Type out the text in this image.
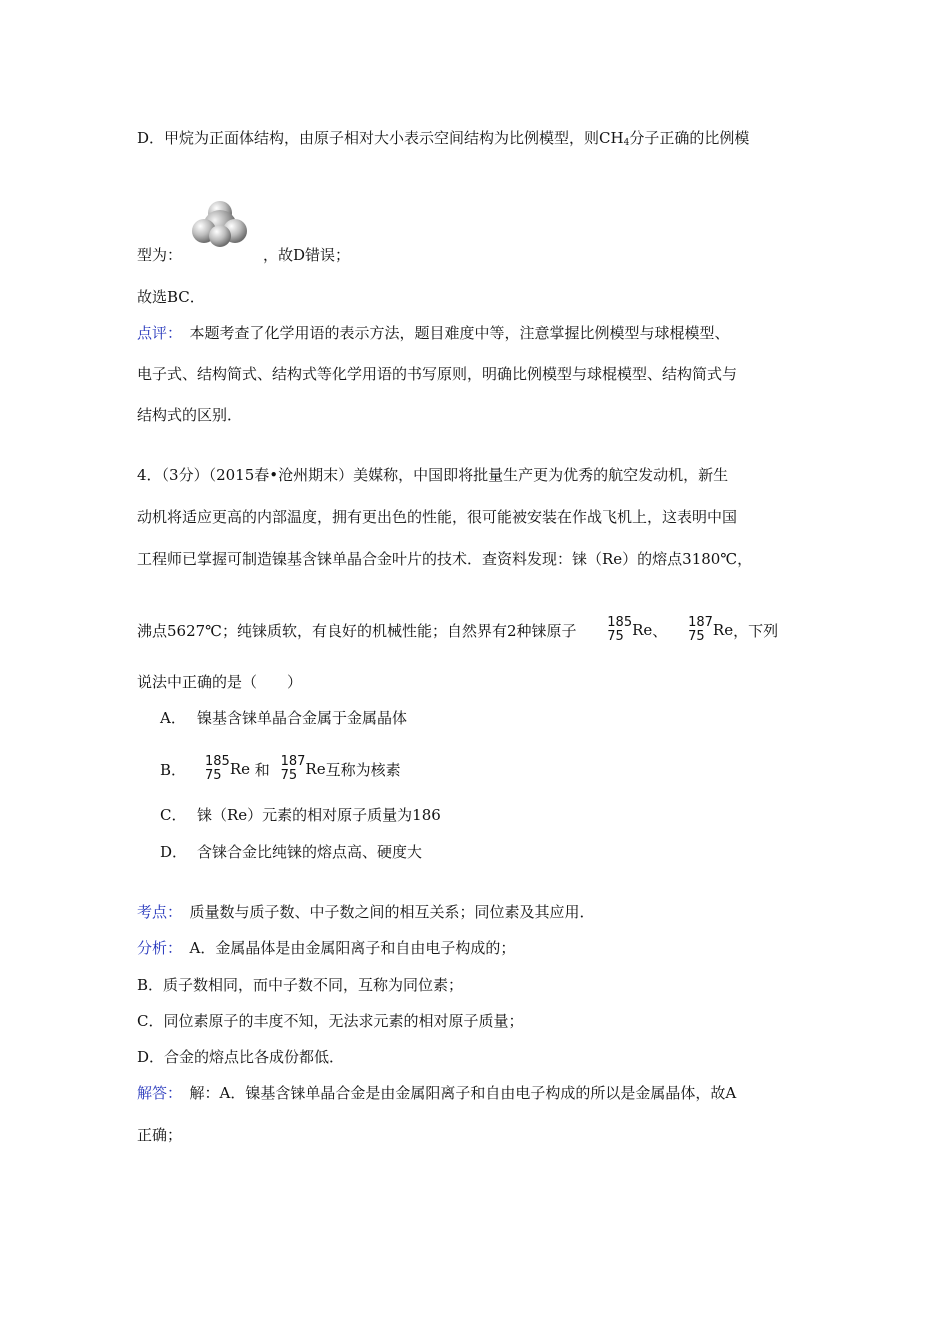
D．甲烷为正面体结构，由原子相对大小表示空间结构为比例模型，则$CH_4$分子正确的比例模
型为：	，故D错误；
故选BC．
点评：　 本题考查了化学用语的表示方法，题目难度中等，注意掌握比例模型与球棍模型、
电子式、结构简式、结构式等化学用语的书写原则，明确比例模型与球棍模型、结构简式与
结构式的区别．
4．（3分）（2015春•沧州期末）美媒称，中国即将批量生产更为优秀的航空发动机，新生
动机将适应更高的内部温度，拥有更出色的性能，很可能被安装在作战飞机上，这表明中国
工程师已掌握可制造镍基含铼单晶合金叶片的技术．查资料发现：铼（Re）的熔点3180℃，
沸点5627℃；纯铼质软，有良好的机械性能；自然界有2种铼原子 185
75 Re、 187
75 Re，下列
说法中正确的是（　　）
A． 镍基含铼单晶合金属于金属晶体
B． 185
75 Re 和 187
75 Re互称为核素
C． 铼（Re）元素的相对原子质量为186
D． 含铼合金比纯铼的熔点高、硬度大
考点：　 质量数与质子数、中子数之间的相互关系；同位素及其应用．
分析：　 A．金属晶体是由金属阳离子和自由电子构成的；
B．质子数相同，而中子数不同，互称为同位素；
C．同位素原子的丰度不知，无法求元素的相对原子质量；
D．合金的熔点比各成份都低．
解答：　 解：A．镍基含铼单晶合金是由金属阳离子和自由电子构成的所以是金属晶体，故A
正确；
